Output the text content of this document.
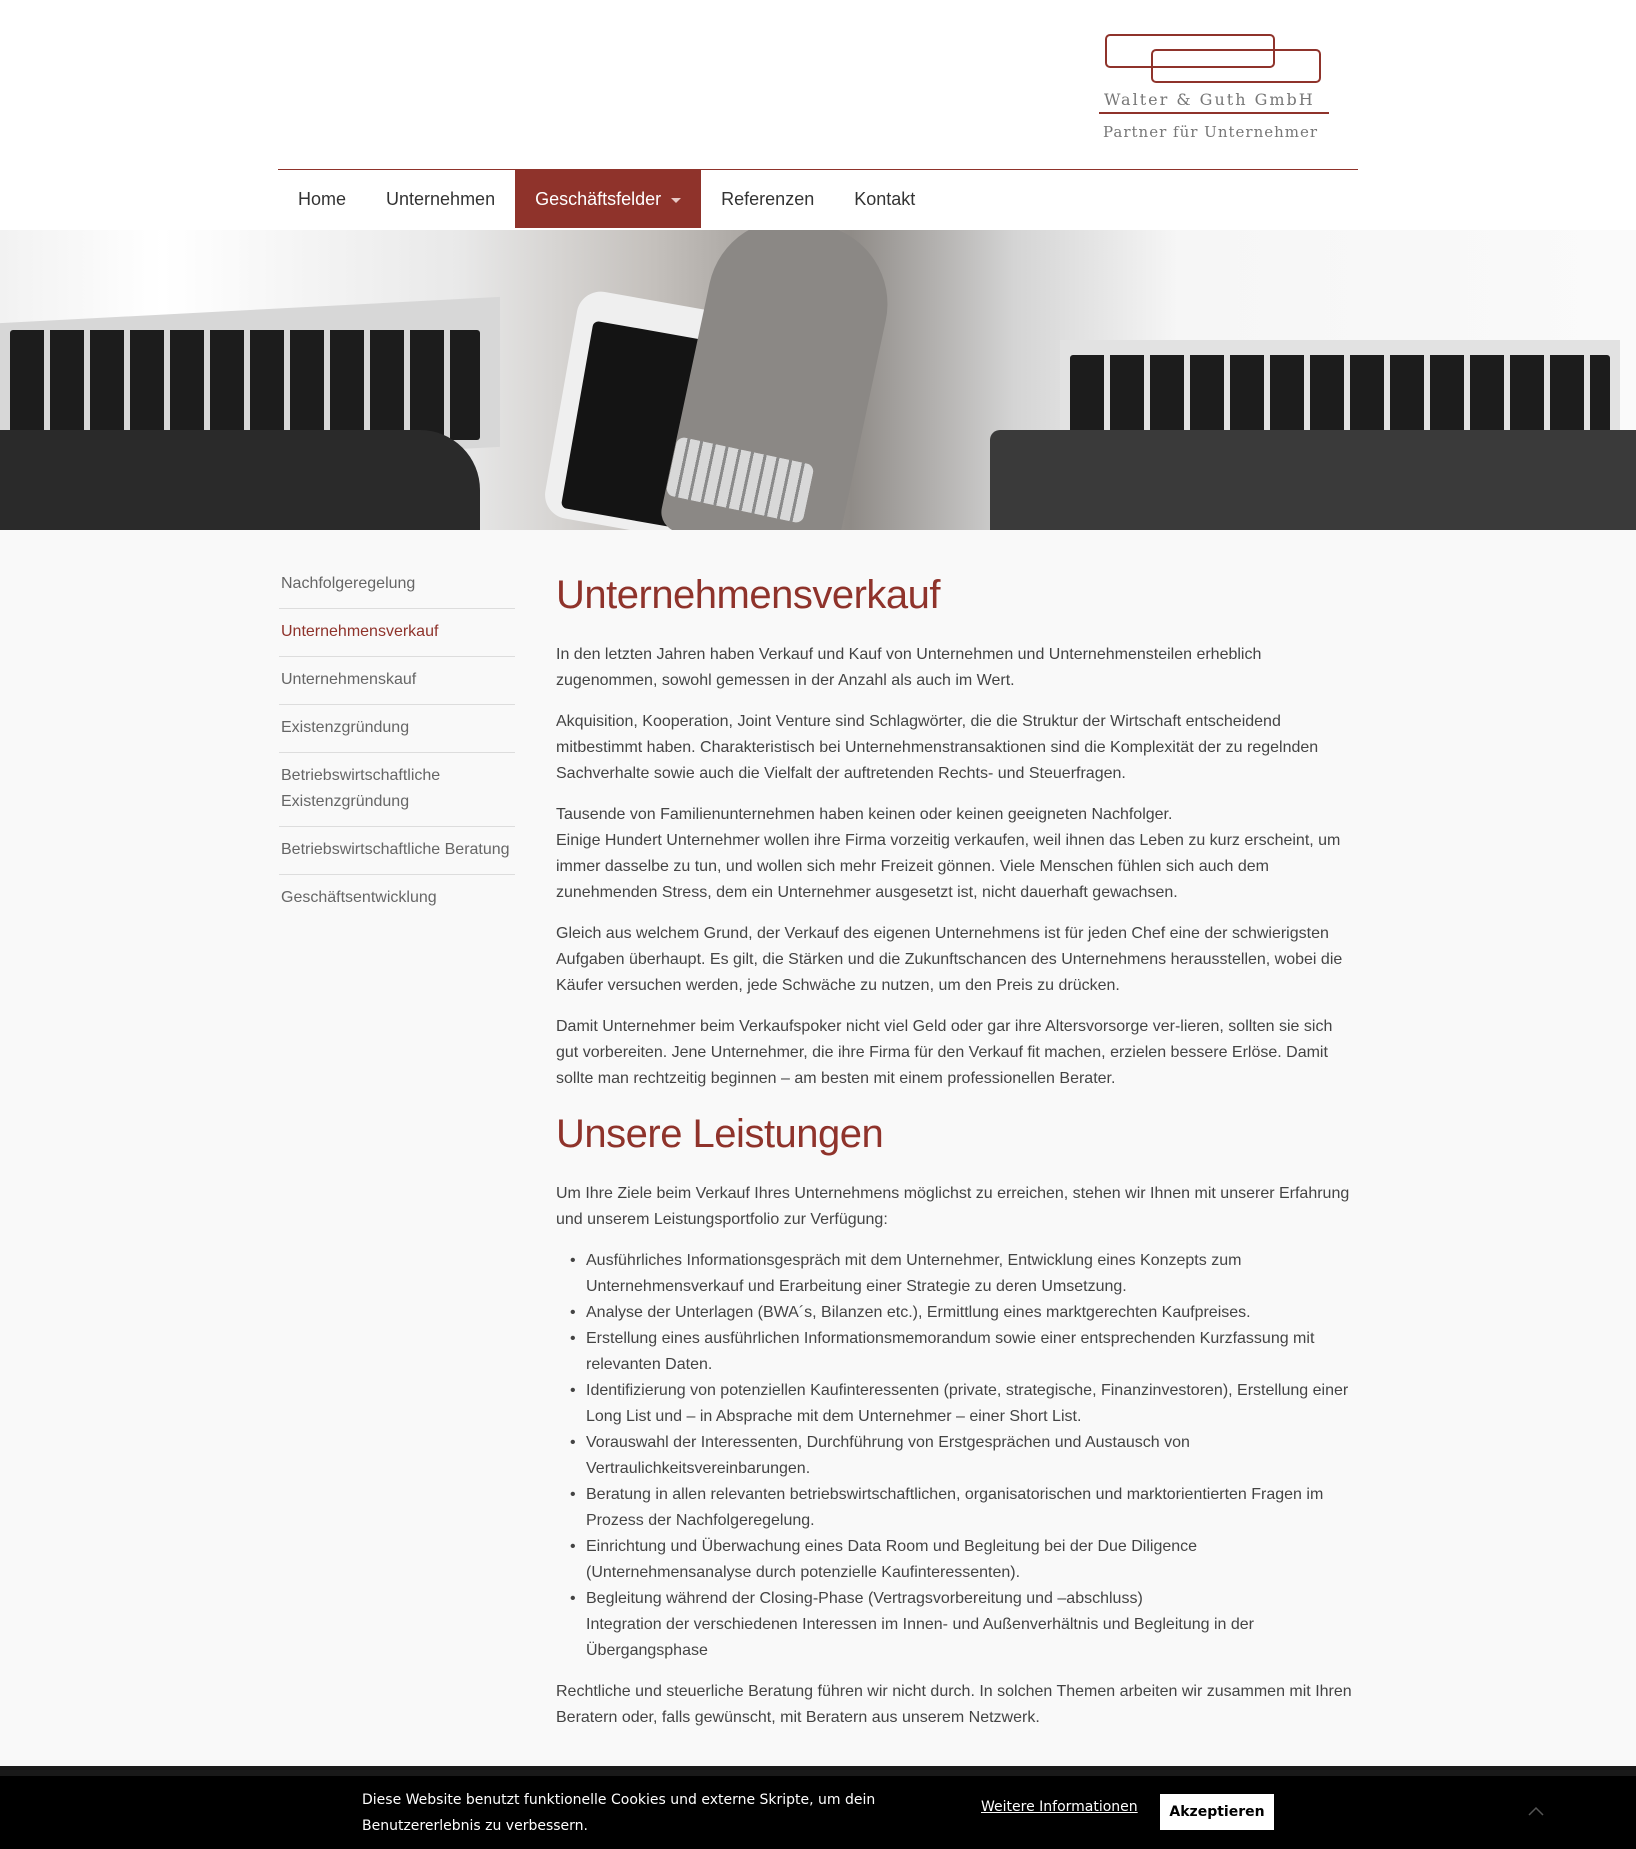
Walter & Guth GmbH
Partner für Unternehmer
Home	Unternehmen	Geschäftsfelder	Referenzen	Kontakt
Nachfolgeregelung
Unternehmensverkauf
Unternehmenskauf
Existenzgründung
Betriebswirtschaftliche Existenzgründung
Betriebswirtschaftliche Beratung
Geschäftsentwicklung
Unternehmensverkauf

In den letzten Jahren haben Verkauf und Kauf von Unternehmen und Unternehmensteilen erheblich zugenommen, sowohl gemessen in der Anzahl als auch im Wert.

Akquisition, Kooperation, Joint Venture sind Schlagwörter, die die Struktur der Wirtschaft entscheidend mitbestimmt haben. Charakteristisch bei Unternehmenstransaktionen sind die Komplexität der zu regelnden Sachverhalte sowie auch die Vielfalt der auftretenden Rechts- und Steuerfragen.

Tausende von Familienunternehmen haben keinen oder keinen geeigneten Nachfolger.
Einige Hundert Unternehmer wollen ihre Firma vorzeitig verkaufen, weil ihnen das Leben zu kurz erscheint, um immer dasselbe zu tun, und wollen sich mehr Freizeit gönnen. Viele Menschen fühlen sich auch dem zunehmenden Stress, dem ein Unternehmer ausgesetzt ist, nicht dauerhaft gewachsen.

Gleich aus welchem Grund, der Verkauf des eigenen Unternehmens ist für jeden Chef eine der schwierigsten Aufgaben überhaupt. Es gilt, die Stärken und die Zukunftschancen des Unternehmens herausstellen, wobei die Käufer versuchen werden, jede Schwäche zu nutzen, um den Preis zu drücken.

Damit Unternehmer beim Verkaufspoker nicht viel Geld oder gar ihre Altersvorsorge ver-lieren, sollten sie sich gut vorbereiten. Jene Unternehmer, die ihre Firma für den Verkauf fit machen, erzielen bessere Erlöse. Damit sollte man rechtzeitig beginnen – am besten mit einem professionellen Berater.

Unsere Leistungen

Um Ihre Ziele beim Verkauf Ihres Unternehmens möglichst zu erreichen, stehen wir Ihnen mit unserer Erfahrung und unserem Leistungsportfolio zur Verfügung:

• Ausführliches Informationsgespräch mit dem Unternehmer, Entwicklung eines Konzepts zum Unternehmensverkauf und Erarbeitung einer Strategie zu deren Umsetzung.
• Analyse der Unterlagen (BWA´s, Bilanzen etc.), Ermittlung eines marktgerechten Kaufpreises.
• Erstellung eines ausführlichen Informationsmemorandum sowie einer entsprechenden Kurzfassung mit relevanten Daten.
• Identifizierung von potenziellen Kaufinteressenten (private, strategische, Finanzinvestoren), Erstellung einer Long List und – in Absprache mit dem Unternehmer – einer Short List.
• Vorauswahl der Interessenten, Durchführung von Erstgesprächen und Austausch von Vertraulichkeitsvereinbarungen.
• Beratung in allen relevanten betriebswirtschaftlichen, organisatorischen und marktorientierten Fragen im Prozess der Nachfolgeregelung.
• Einrichtung und Überwachung eines Data Room und Begleitung bei der Due Diligence (Unternehmensanalyse durch potenzielle Kaufinteressenten).
• Begleitung während der Closing-Phase (Vertragsvorbereitung und –abschluss)
Integration der verschiedenen Interessen im Innen- und Außenverhältnis und Begleitung in der Übergangsphase

Rechtliche und steuerliche Beratung führen wir nicht durch. In solchen Themen arbeiten wir zusammen mit Ihren Beratern oder, falls gewünscht, mit Beratern aus unserem Netzwerk.

Diese Website benutzt funktionelle Cookies und externe Skripte, um dein Benutzererlebnis zu verbessern.
Weitere Informationen	Akzeptieren
